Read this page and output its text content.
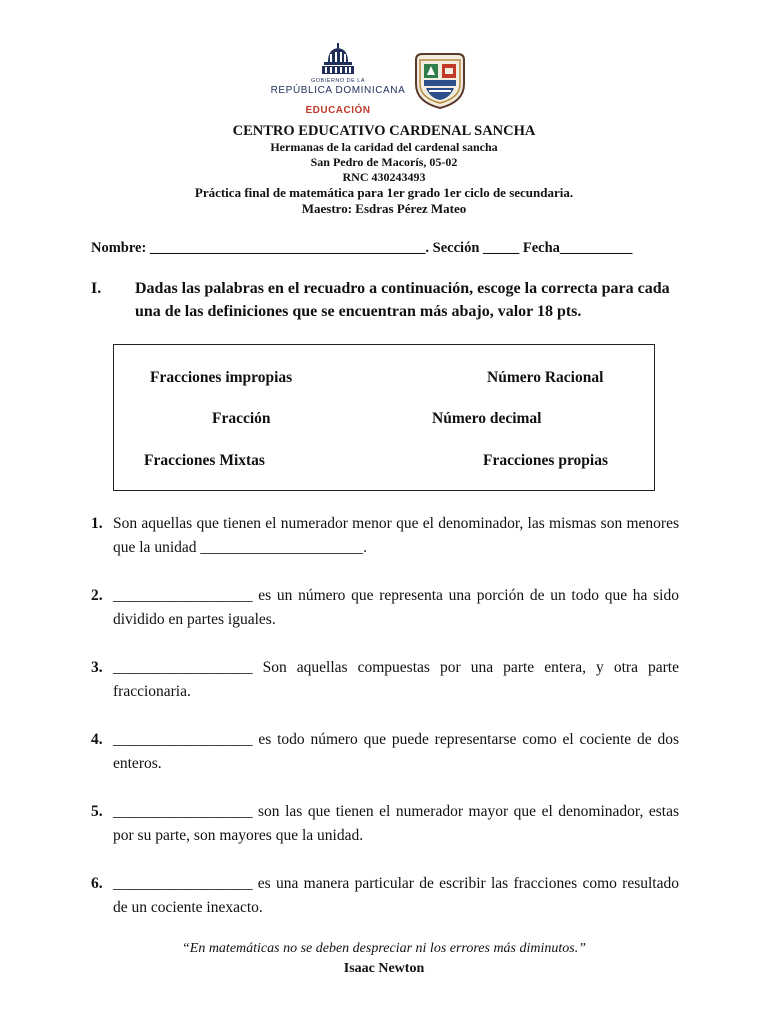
GOBIERNO DE LA
REPÚBLICA DOMINICANA
EDUCACIÓN
CENTRO EDUCATIVO CARDENAL SANCHA
Hermanas de la caridad del cardenal sancha
San Pedro de Macorís, 05-02
RNC 430243493
Práctica final de matemática para 1er grado 1er ciclo de secundaria.
Maestro: Esdras Pérez Mateo
Nombre: ______________________________________. Sección _____ Fecha__________
I. Dadas las palabras en el recuadro a continuación, escoge la correcta para cada una de las definiciones que se encuentran más abajo, valor 18 pts.
Fracciones impropias	Número Racional
Fracción	Número decimal
Fracciones Mixtas	Fracciones propias
1. Son aquellas que tienen el numerador menor que el denominador, las mismas son menores que la unidad _____________________.
2. __________________ es un número que representa una porción de un todo que ha sido dividido en partes iguales.
3. __________________ Son aquellas compuestas por una parte entera, y otra parte fraccionaria.
4. __________________ es todo número que puede representarse como el cociente de dos enteros.
5. __________________ son las que tienen el numerador mayor que el denominador, estas por su parte, son mayores que la unidad.
6. __________________ es una manera particular de escribir las fracciones como resultado de un cociente inexacto.
“En matemáticas no se deben despreciar ni los errores más diminutos.”
Isaac Newton
